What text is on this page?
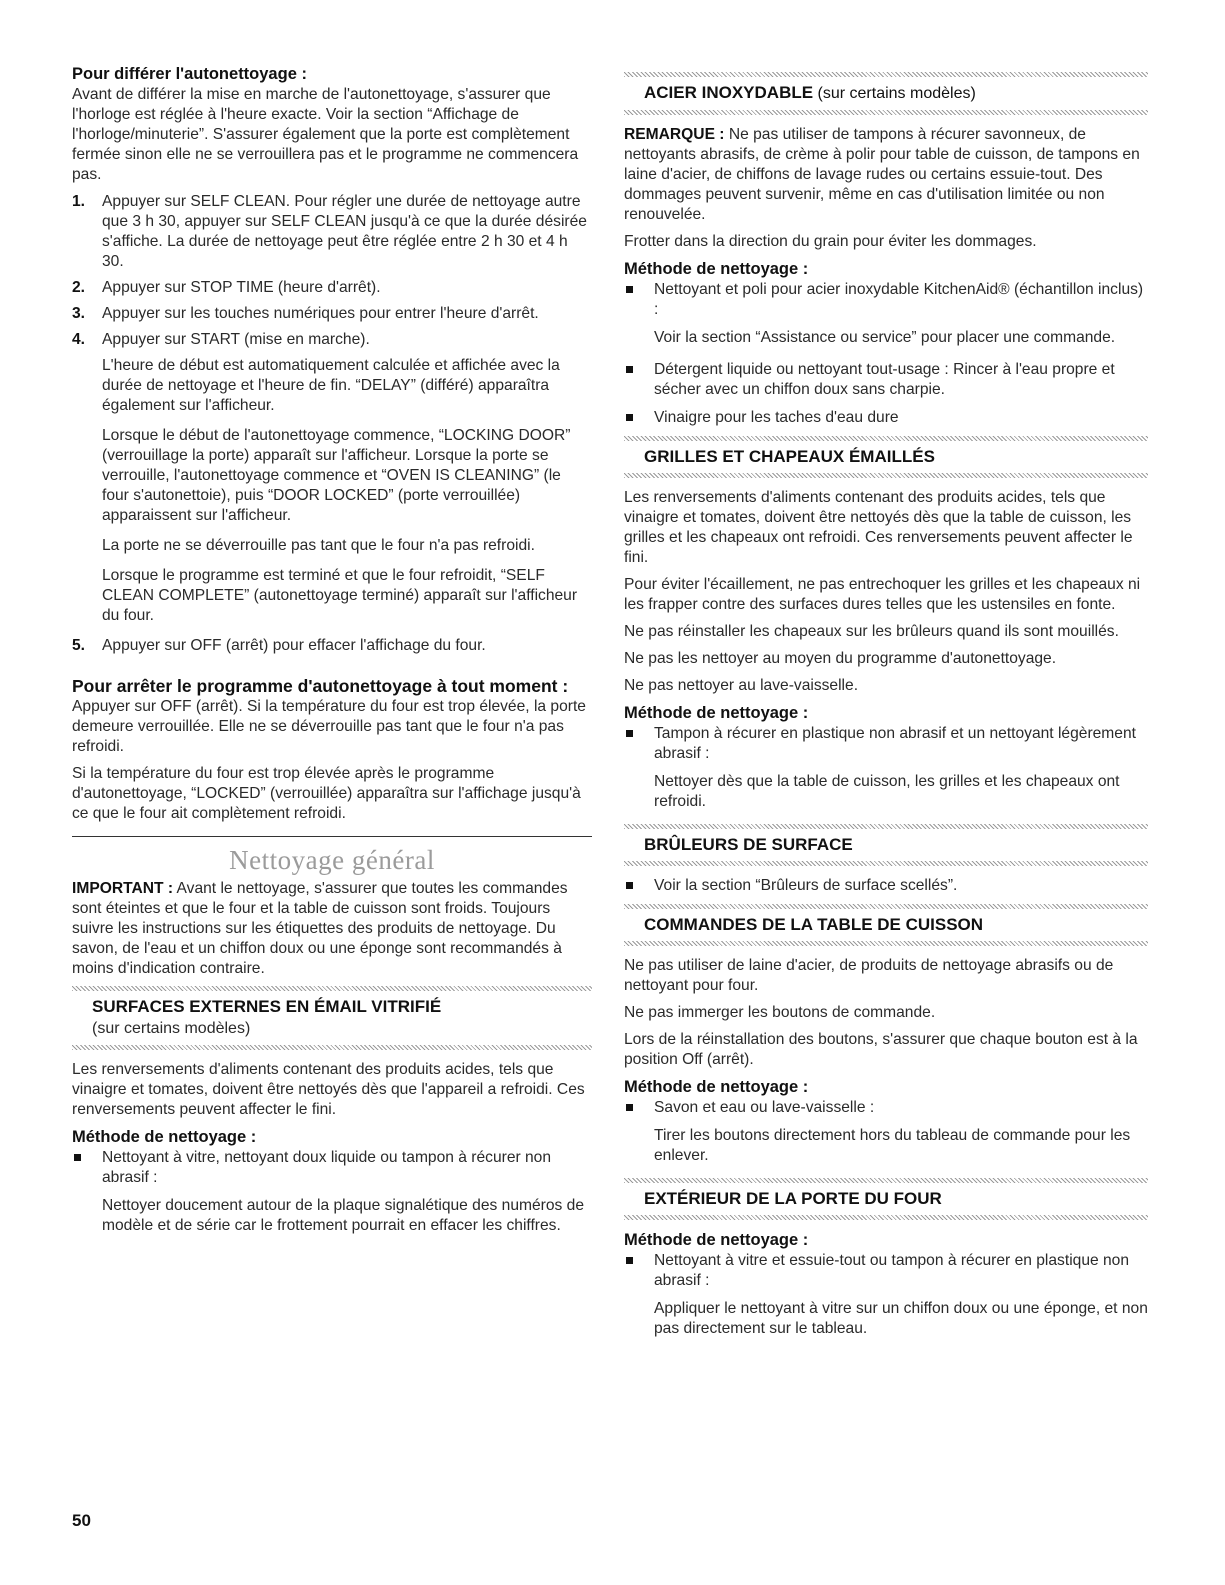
Pour différer l'autonettoyage :

Avant de différer la mise en marche de l'autonettoyage, s'assurer que l'horloge est réglée à l'heure exacte. Voir la section “Affichage de l'horloge/minuterie”. S'assurer également que la porte est complètement fermée sinon elle ne se verrouillera pas et le programme ne commencera pas.

1. Appuyer sur SELF CLEAN. Pour régler une durée de nettoyage autre que 3 h 30, appuyer sur SELF CLEAN jusqu'à ce que la durée désirée s'affiche. La durée de nettoyage peut être réglée entre 2 h 30 et 4 h 30.
2. Appuyer sur STOP TIME (heure d'arrêt).
3. Appuyer sur les touches numériques pour entrer l'heure d'arrêt.
4. Appuyer sur START (mise en marche).

L'heure de début est automatiquement calculée et affichée avec la durée de nettoyage et l'heure de fin. “DELAY” (différé) apparaîtra également sur l'afficheur.

Lorsque le début de l'autonettoyage commence, “LOCKING DOOR” (verrouillage la porte) apparaît sur l'afficheur. Lorsque la porte se verrouille, l'autonettoyage commence et “OVEN IS CLEANING” (le four s'autonettoie), puis “DOOR LOCKED” (porte verrouillée) apparaissent sur l'afficheur.

La porte ne se déverrouille pas tant que le four n'a pas refroidi.

Lorsque le programme est terminé et que le four refroidit, “SELF CLEAN COMPLETE” (autonettoyage terminé) apparaît sur l'afficheur du four.

5. Appuyer sur OFF (arrêt) pour effacer l'affichage du four.
Pour arrêter le programme d'autonettoyage à tout moment :

Appuyer sur OFF (arrêt). Si la température du four est trop élevée, la porte demeure verrouillée. Elle ne se déverrouille pas tant que le four n'a pas refroidi.

Si la température du four est trop élevée après le programme d'autonettoyage, “LOCKED” (verrouillée) apparaîtra sur l'affichage jusqu'à ce que le four ait complètement refroidi.

Nettoyage général

IMPORTANT : Avant le nettoyage, s'assurer que toutes les commandes sont éteintes et que le four et la table de cuisson sont froids. Toujours suivre les instructions sur les étiquettes des produits de nettoyage. Du savon, de l'eau et un chiffon doux ou une éponge sont recommandés à moins d'indication contraire.

SURFACES EXTERNES EN ÉMAIL VITRIFIÉ
(sur certains modèles)

Les renversements d'aliments contenant des produits acides, tels que vinaigre et tomates, doivent être nettoyés dès que l'appareil a refroidi. Ces renversements peuvent affecter le fini.

Méthode de nettoyage :
Nettoyant à vitre, nettoyant doux liquide ou tampon à récurer non abrasif :

Nettoyer doucement autour de la plaque signalétique des numéros de modèle et de série car le frottement pourrait en effacer les chiffres.

ACIER INOXYDABLE (sur certains modèles)

REMARQUE : Ne pas utiliser de tampons à récurer savonneux, de nettoyants abrasifs, de crème à polir pour table de cuisson, de tampons en laine d'acier, de chiffons de lavage rudes ou certains essuie-tout. Des dommages peuvent survenir, même en cas d'utilisation limitée ou non renouvelée.

Frotter dans la direction du grain pour éviter les dommages.

Méthode de nettoyage :
Nettoyant et poli pour acier inoxydable KitchenAid® (échantillon inclus) :

Voir la section “Assistance ou service” pour placer une commande.

Détergent liquide ou nettoyant tout-usage : Rincer à l'eau propre et sécher avec un chiffon doux sans charpie.
Vinaigre pour les taches d'eau dure
GRILLES ET CHAPEAUX ÉMAILLÉS

Les renversements d'aliments contenant des produits acides, tels que vinaigre et tomates, doivent être nettoyés dès que la table de cuisson, les grilles et les chapeaux ont refroidi. Ces renversements peuvent affecter le fini.

Pour éviter l'écaillement, ne pas entrechoquer les grilles et les chapeaux ni les frapper contre des surfaces dures telles que les ustensiles en fonte.

Ne pas réinstaller les chapeaux sur les brûleurs quand ils sont mouillés.

Ne pas les nettoyer au moyen du programme d'autonettoyage.

Ne pas nettoyer au lave-vaisselle.

Méthode de nettoyage :
Tampon à récurer en plastique non abrasif et un nettoyant légèrement abrasif :

Nettoyer dès que la table de cuisson, les grilles et les chapeaux ont refroidi.

BRÛLEURS DE SURFACE
Voir la section “Brûleurs de surface scellés”.
COMMANDES DE LA TABLE DE CUISSON

Ne pas utiliser de laine d'acier, de produits de nettoyage abrasifs ou de nettoyant pour four.

Ne pas immerger les boutons de commande.

Lors de la réinstallation des boutons, s'assurer que chaque bouton est à la position Off (arrêt).

Méthode de nettoyage :
Savon et eau ou lave-vaisselle :

Tirer les boutons directement hors du tableau de commande pour les enlever.

EXTÉRIEUR DE LA PORTE DU FOUR
Méthode de nettoyage :
Nettoyant à vitre et essuie-tout ou tampon à récurer en plastique non abrasif :

Appliquer le nettoyant à vitre sur un chiffon doux ou une éponge, et non pas directement sur le tableau.

50
